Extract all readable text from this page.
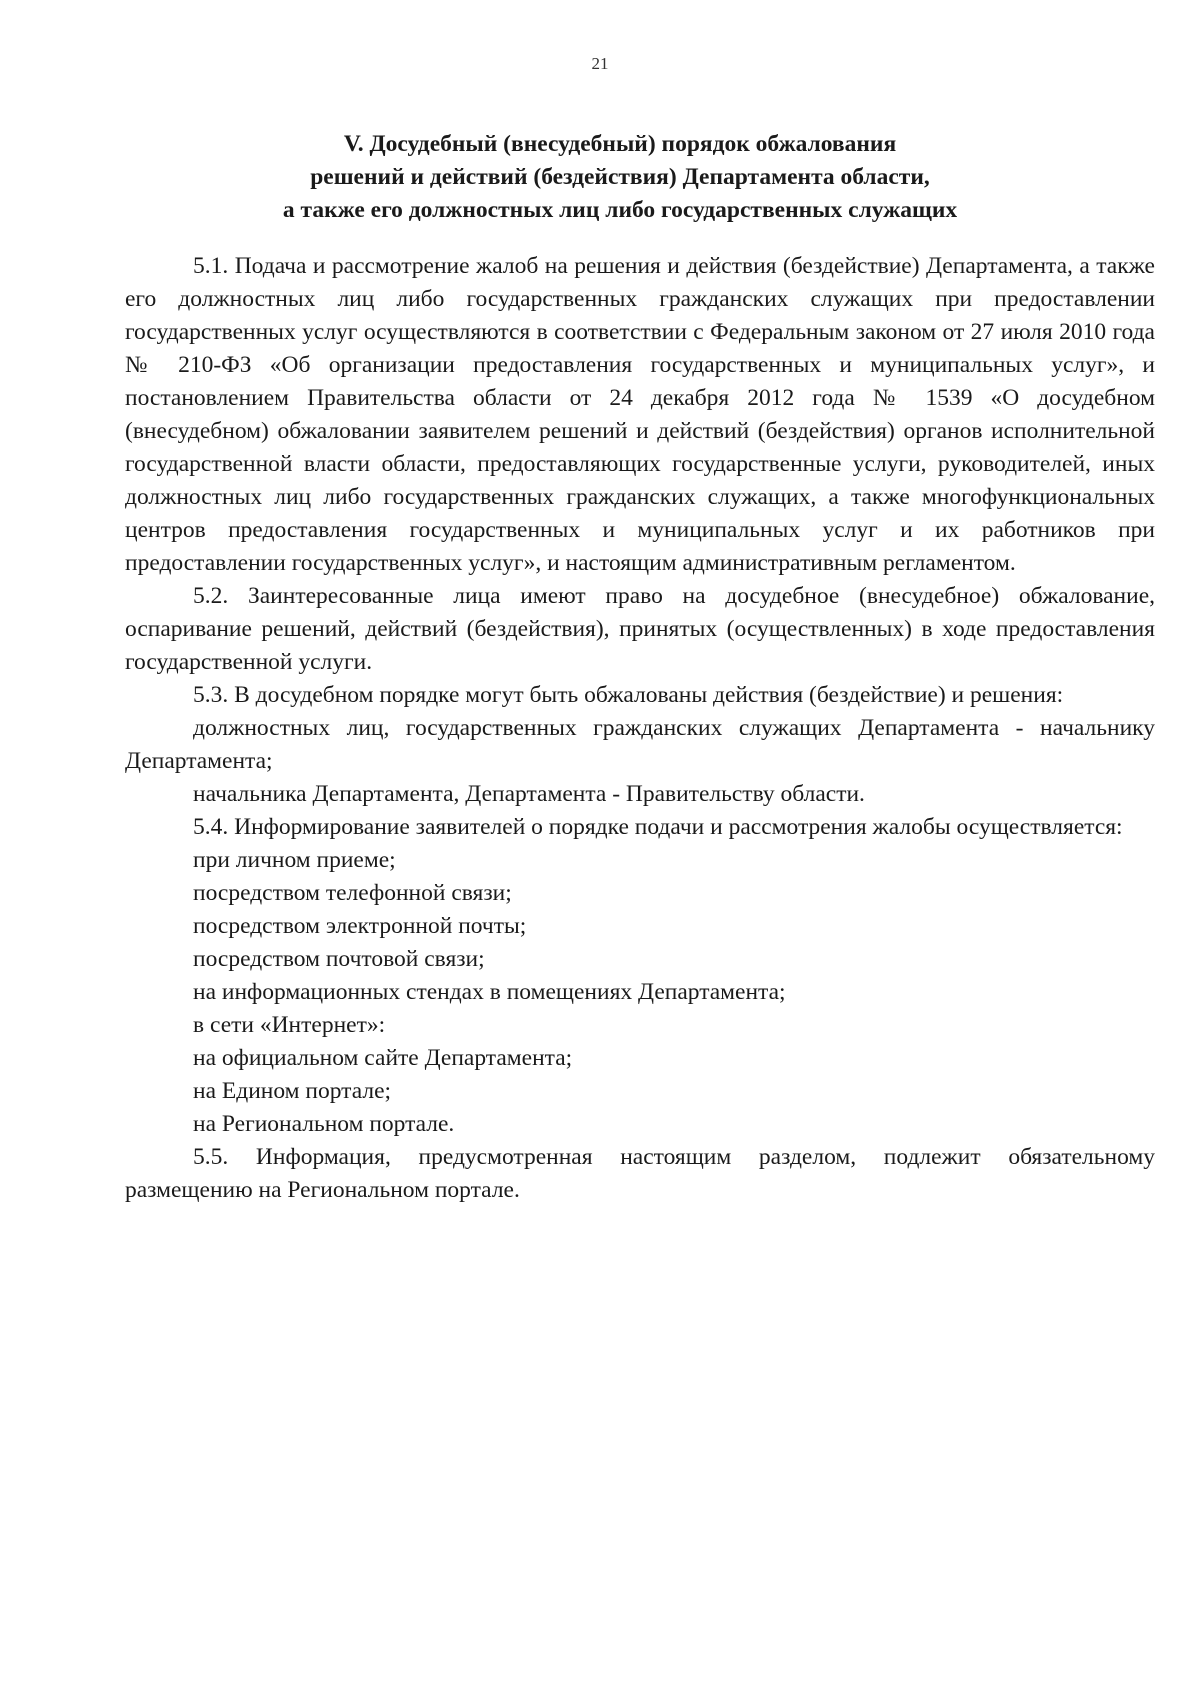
21
V. Досудебный (внесудебный) порядок обжалования
решений и действий (бездействия) Департамента области,
а также его должностных лиц либо государственных служащих

5.1. Подача и рассмотрение жалоб на решения и действия (бездействие) Департамента, а также его должностных лиц либо государственных гражданских служащих при предоставлении государственных услуг осуществляются в соответствии с Федеральным законом от 27 июля 2010 года № 210-ФЗ «Об организации предоставления государственных и муниципальных услуг», и постановлением Правительства области от 24 декабря 2012 года № 1539 «О досудебном (внесудебном) обжаловании заявителем решений и действий (бездействия) органов исполнительной государственной власти области, предоставляющих государственные услуги, руководителей, иных должностных лиц либо государственных гражданских служащих, а также многофункциональных центров предоставления государственных и муниципальных услуг и их работников при предоставлении государственных услуг», и настоящим административным регламентом.

5.2. Заинтересованные лица имеют право на досудебное (внесудебное) обжалование, оспаривание решений, действий (бездействия), принятых (осуществленных) в ходе предоставления государственной услуги.

5.3. В досудебном порядке могут быть обжалованы действия (бездействие) и решения:

должностных лиц, государственных гражданских служащих Департамента - начальнику Департамента;

начальника Департамента, Департамента - Правительству области.

5.4. Информирование заявителей о порядке подачи и рассмотрения жалобы осуществляется:

при личном приеме;

посредством телефонной связи;

посредством электронной почты;

посредством почтовой связи;

на информационных стендах в помещениях Департамента;

в сети «Интернет»:

на официальном сайте Департамента;

на Едином портале;

на Региональном портале.

5.5. Информация, предусмотренная настоящим разделом, подлежит обязательному размещению на Региональном портале.
